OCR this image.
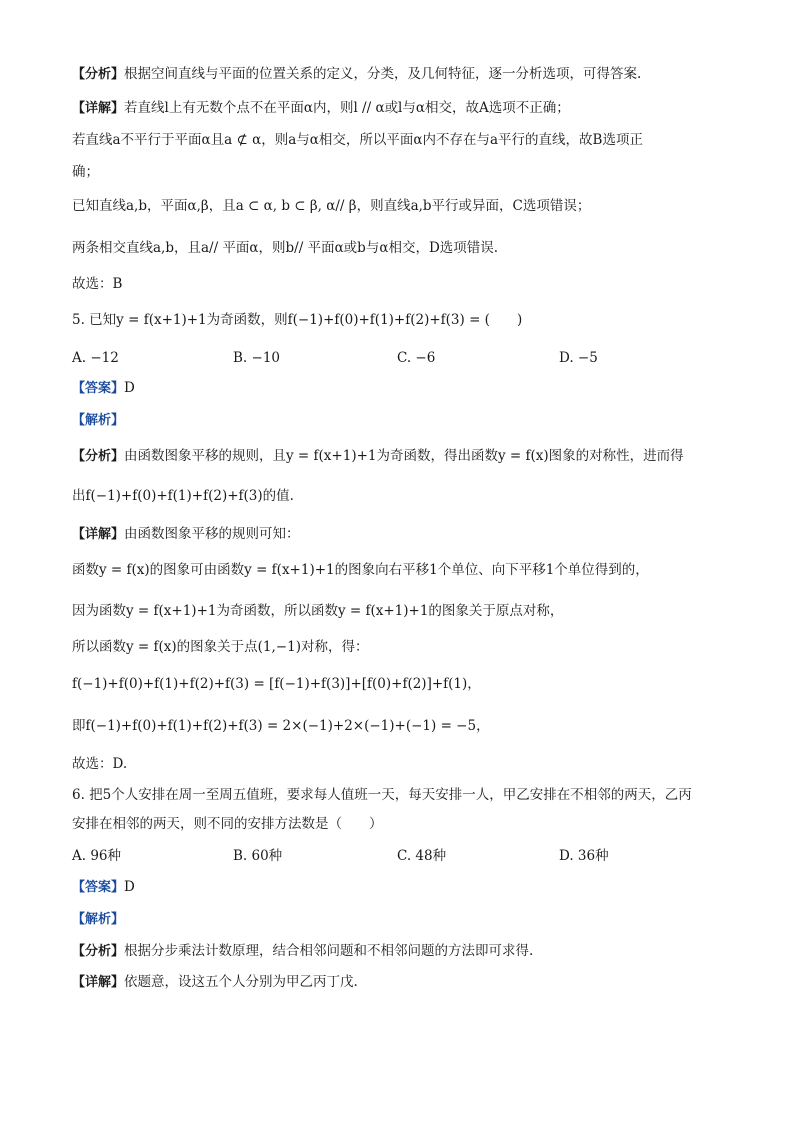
【分析】根据空间直线与平面的位置关系的定义，分类，及几何特征，逐一分析选项，可得答案.
【详解】若直线l上有无数个点不在平面α内，则l // α或l与α相交，故A选项不正确；
若直线a不平行于平面α且a ⊄ α，则a与α相交，所以平面α内不存在与a平行的直线，故B选项正
确；
已知直线a,b，平面α,β，且a ⊂ α, b ⊂ β, α// β，则直线a,b平行或异面，C选项错误；
两条相交直线a,b，且a// 平面α，则b// 平面α或b与α相交，D选项错误.
故选：B
5. 已知y = f(x+1)+1为奇函数，则f(−1)+f(0)+f(1)+f(2)+f(3) = (　　)
A. −12	B. −10	C. −6	D. −5
【答案】D
【解析】
【分析】由函数图象平移的规则，且y = f(x+1)+1为奇函数，得出函数y = f(x)图象的对称性，进而得
出f(−1)+f(0)+f(1)+f(2)+f(3)的值.
【详解】由函数图象平移的规则可知：
函数y = f(x)的图象可由函数y = f(x+1)+1的图象向右平移1个单位、向下平移1个单位得到的，
因为函数y = f(x+1)+1为奇函数，所以函数y = f(x+1)+1的图象关于原点对称，
所以函数y = f(x)的图象关于点(1,−1)对称，得：
f(−1)+f(0)+f(1)+f(2)+f(3) = [f(−1)+f(3)]+[f(0)+f(2)]+f(1)，
即f(−1)+f(0)+f(1)+f(2)+f(3) = 2×(−1)+2×(−1)+(−1) = −5，
故选：D.
6. 把5个人安排在周一至周五值班，要求每人值班一天，每天安排一人，甲乙安排在不相邻的两天，乙丙
安排在相邻的两天，则不同的安排方法数是（　　）
A. 96种	B. 60种	C. 48种	D. 36种
【答案】D
【解析】
【分析】根据分步乘法计数原理，结合相邻问题和不相邻问题的方法即可求得.
【详解】依题意，设这五个人分别为甲乙丙丁戊.
